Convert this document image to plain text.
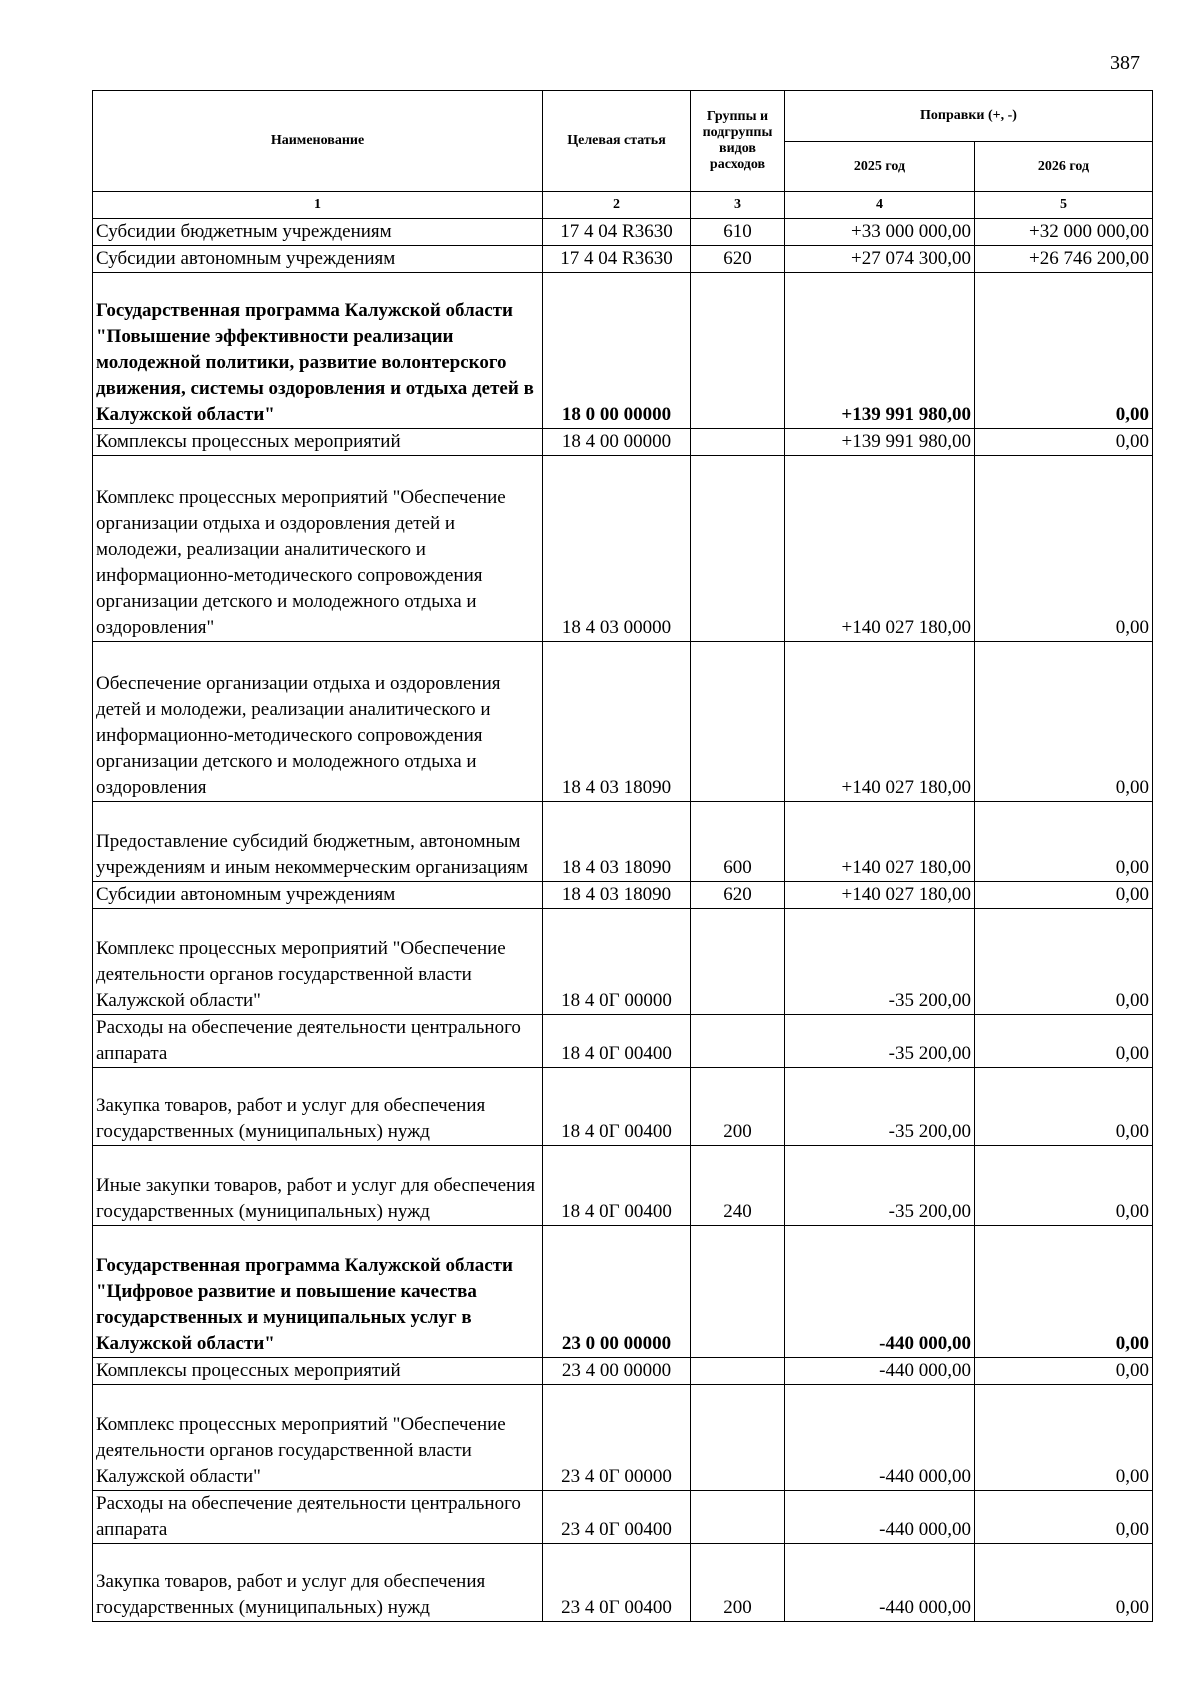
387
Наименование	Целевая статья	Группы и подгруппы видов расходов	Поправки (+, -)	
			2025 год	2026 год
1	2	3	4	5
Субсидии бюджетным учреждениям	17 4 04 R3630	610	+33 000 000,00	+32 000 000,00
Субсидии автономным учреждениям	17 4 04 R3630	620	+27 074 300,00	+26 746 200,00
Государственная программа Калужской области "Повышение эффективности реализации молодежной политики, развитие волонтерского движения, системы оздоровления и отдыха детей в Калужской области"	18 0 00 00000		+139 991 980,00	0,00
Комплексы процессных мероприятий	18 4 00 00000		+139 991 980,00	0,00
Комплекс процессных мероприятий "Обеспечение организации отдыха и оздоровления детей и молодежи, реализации аналитического и информационно-методического сопровождения организации детского и молодежного отдыха и оздоровления"	18 4 03 00000		+140 027 180,00	0,00
Обеспечение организации отдыха и оздоровления детей и молодежи, реализации аналитического и информационно-методического сопровождения организации детского и молодежного отдыха и оздоровления	18 4 03 18090		+140 027 180,00	0,00
Предоставление субсидий бюджетным, автономным учреждениям и иным некоммерческим организациям	18 4 03 18090	600	+140 027 180,00	0,00
Субсидии автономным учреждениям	18 4 03 18090	620	+140 027 180,00	0,00
Комплекс процессных мероприятий "Обеспечение деятельности органов государственной власти Калужской области"	18 4 0Г 00000		-35 200,00	0,00
Расходы на обеспечение деятельности центрального аппарата	18 4 0Г 00400		-35 200,00	0,00
Закупка товаров, работ и услуг для обеспечения государственных (муниципальных) нужд	18 4 0Г 00400	200	-35 200,00	0,00
Иные закупки товаров, работ и услуг для обеспечения государственных (муниципальных) нужд	18 4 0Г 00400	240	-35 200,00	0,00
Государственная программа Калужской области "Цифровое развитие и повышение качества государственных и муниципальных услуг в Калужской области"	23 0 00 00000		-440 000,00	0,00
Комплексы процессных мероприятий	23 4 00 00000		-440 000,00	0,00
Комплекс процессных мероприятий "Обеспечение деятельности органов государственной власти Калужской области"	23 4 0Г 00000		-440 000,00	0,00
Расходы на обеспечение деятельности центрального аппарата	23 4 0Г 00400		-440 000,00	0,00
Закупка товаров, работ и услуг для обеспечения государственных (муниципальных) нужд	23 4 0Г 00400	200	-440 000,00	0,00
